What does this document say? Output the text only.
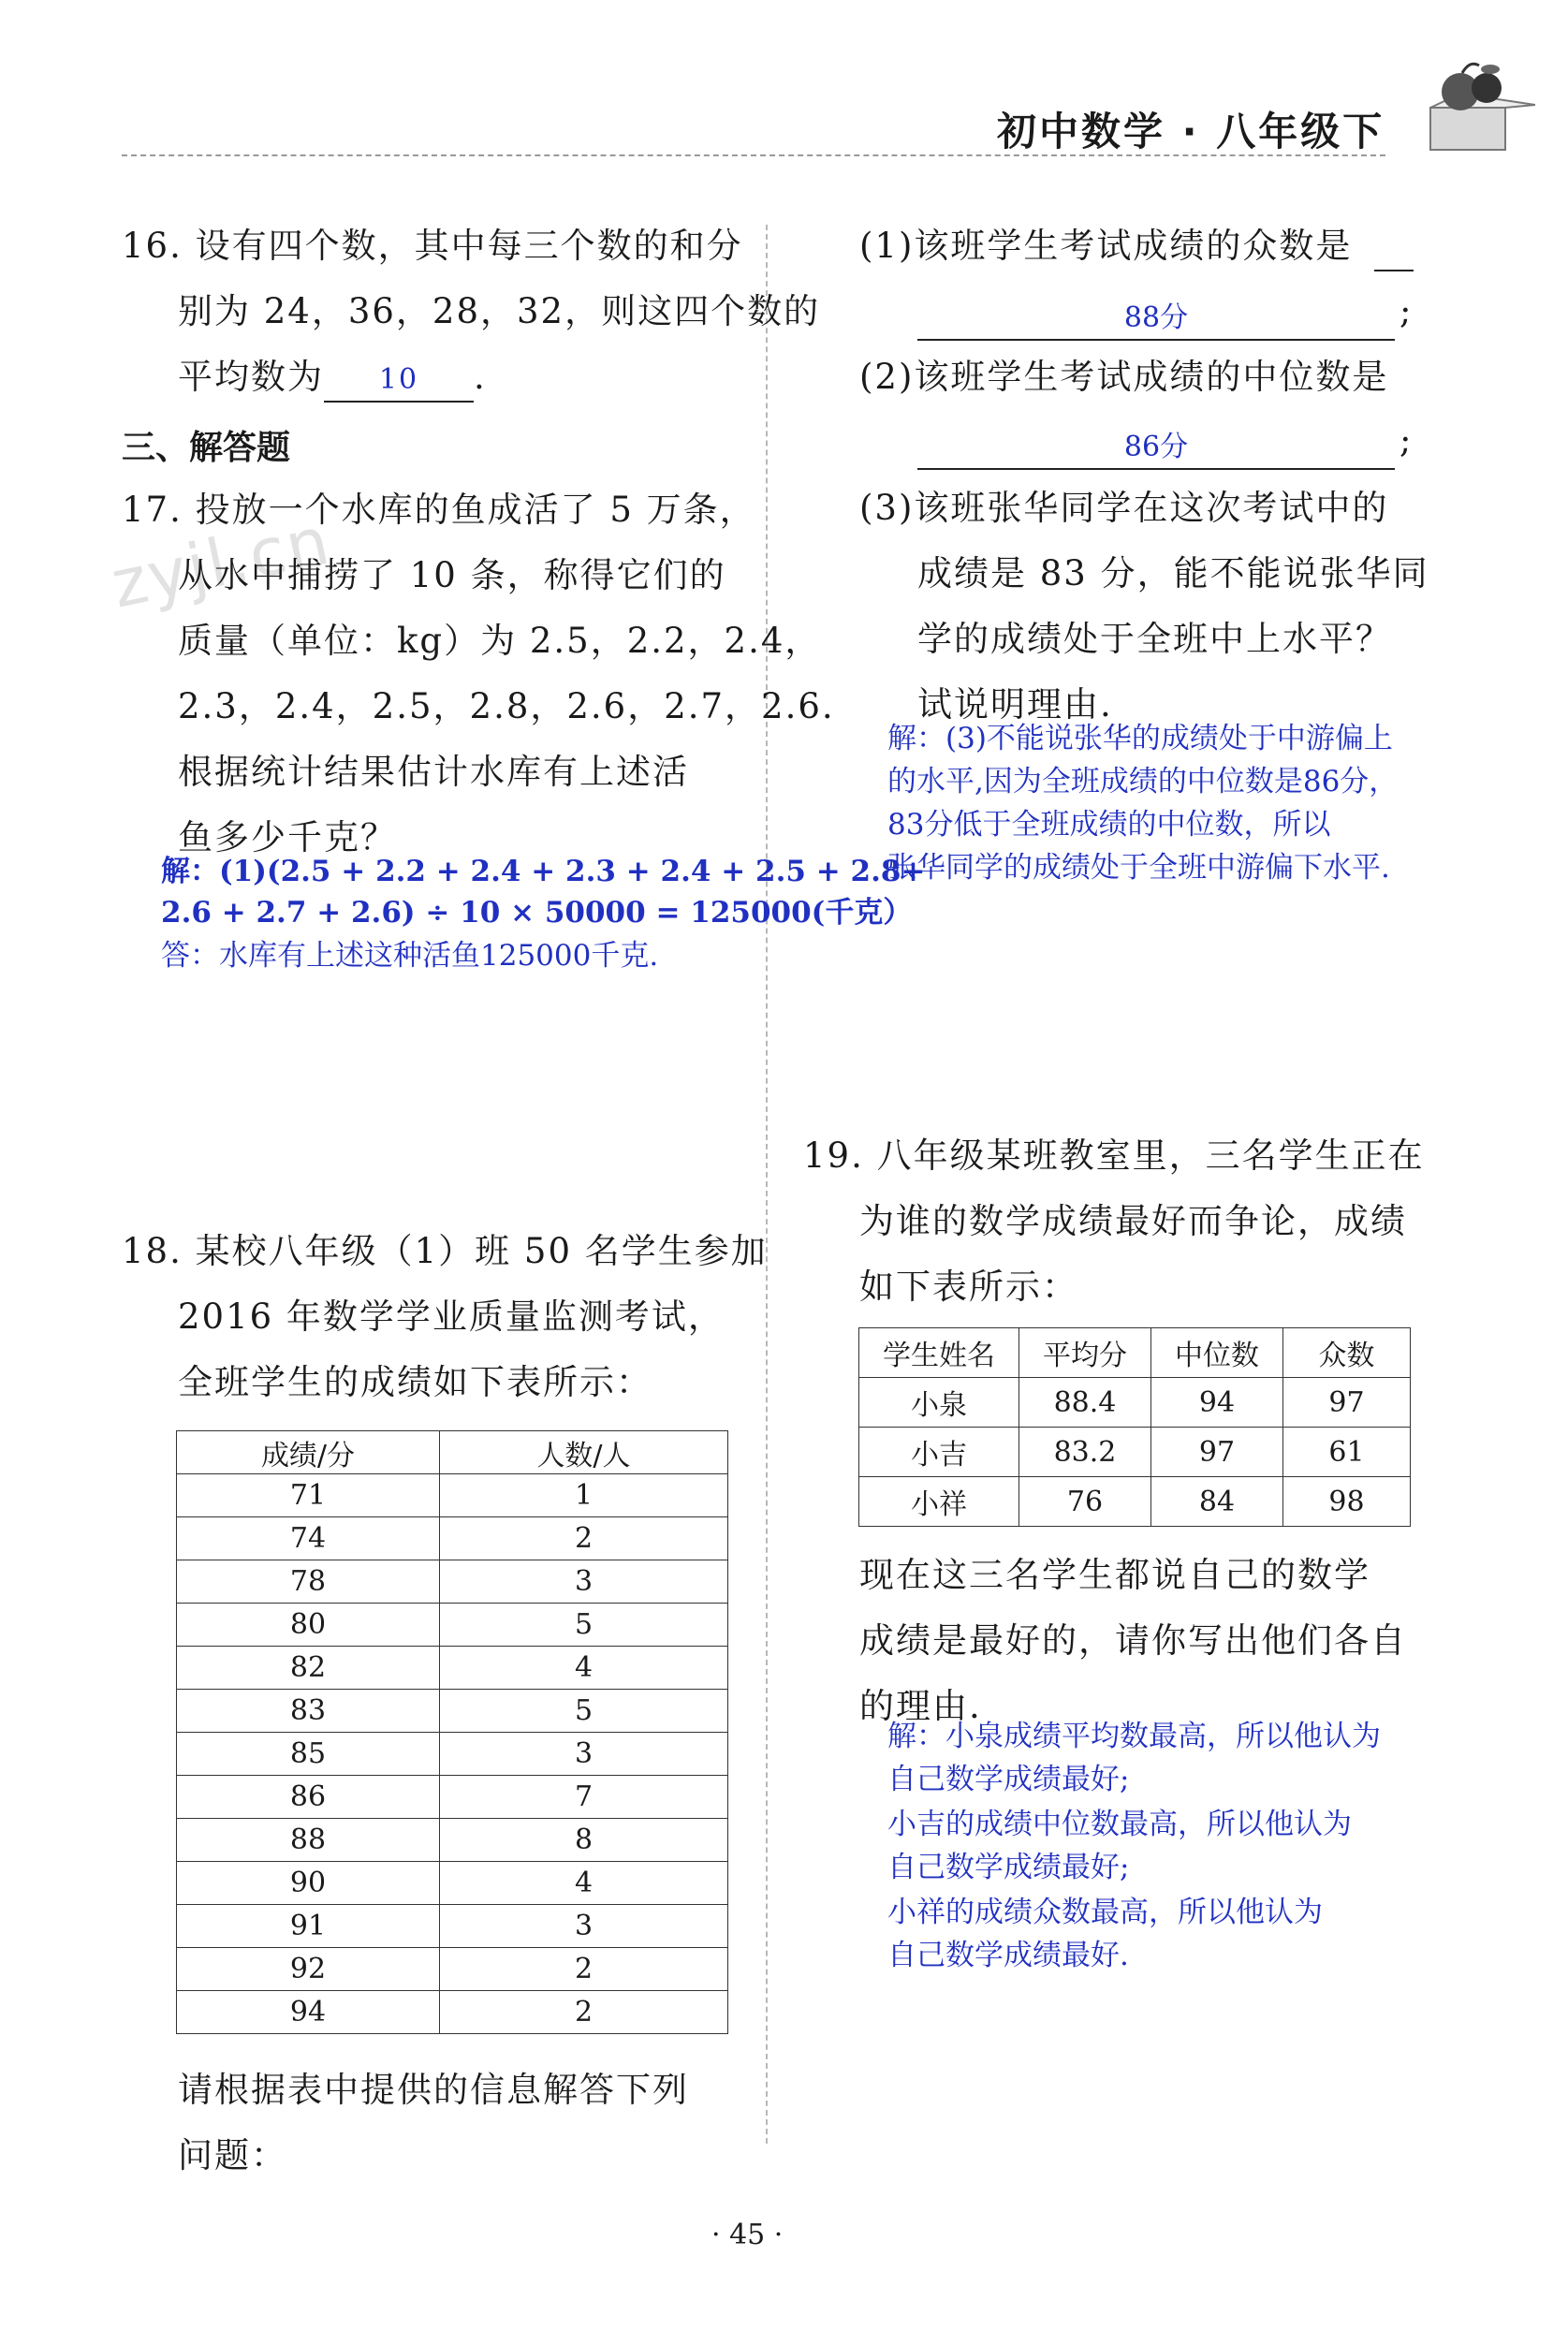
初中数学 · 八年级下
zyjl.cn
16. 设有四个数，其中每三个数的和分
别为 24，36，28，32，则这四个数的
平均数为 10 .
三、解答题
17. 投放一个水库的鱼成活了 5 万条，
从水中捕捞了 10 条，称得它们的
质量（单位：kg）为 2.5，2.2，2.4，
2.3，2.4，2.5，2.8，2.6，2.7，2.6.
根据统计结果估计水库有上述活
鱼多少千克？
解：(1)(2.5 + 2.2 + 2.4 + 2.3 + 2.4 + 2.5 + 2.8+
2.6 + 2.7 + 2.6) ÷ 10 × 50000 = 125000(千克）
答：水库有上述这种活鱼125000千克.
18. 某校八年级（1）班 50 名学生参加
2016 年数学学业质量监测考试，
全班学生的成绩如下表所示：
成绩/分	人数/人
71	1
74	2
78	3
80	5
82	4
83	5
85	3
86	7
88	8
90	4
91	3
92	2
94	2
请根据表中提供的信息解答下列
问题：
(1)该班学生考试成绩的众数是
88分	;
(2)该班学生考试成绩的中位数是
86分	;
(3)该班张华同学在这次考试中的
成绩是 83 分，能不能说张华同
学的成绩处于全班中上水平？
试说明理由.
解：(3)不能说张华的成绩处于中游偏上
的水平,因为全班成绩的中位数是86分，
83分低于全班成绩的中位数，所以
张华同学的成绩处于全班中游偏下水平.
19. 八年级某班教室里，三名学生正在
为谁的数学成绩最好而争论，成绩
如下表所示：
学生姓名	平均分	中位数	众数
小泉	88.4	94	97
小吉	83.2	97	61
小祥	76	84	98
现在这三名学生都说自己的数学
成绩是最好的，请你写出他们各自
的理由.
解：小泉成绩平均数最高，所以他认为
自己数学成绩最好;
小吉的成绩中位数最高，所以他认为
自己数学成绩最好;
小祥的成绩众数最高，所以他认为
自己数学成绩最好.
· 45 ·
